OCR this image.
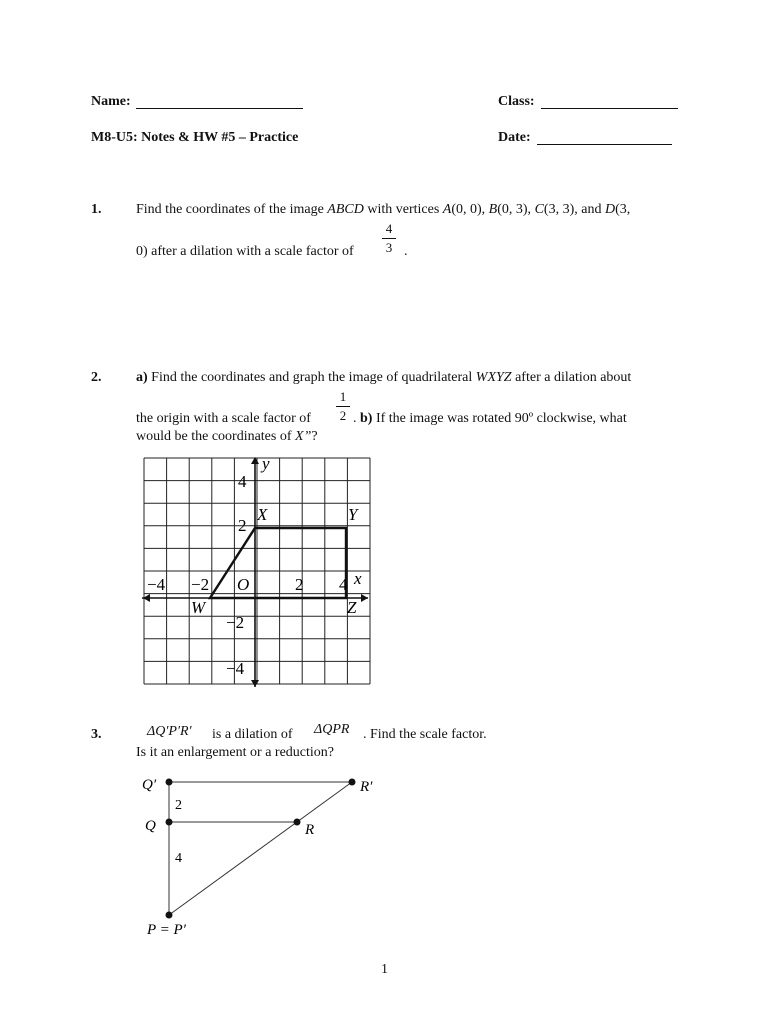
Name:	Class:
M8-U5: Notes & HW #5 – Practice	Date:
1. Find the coordinates of the image ABCD with vertices A(0, 0), B(0, 3), C(3, 3), and D(3,
0) after a dilation with a scale factor of
4
3 .
2. a) Find the coordinates and graph the image of quadrilateral WXYZ after a dilation about
the origin with a scale factor of
1
2 . b) If the image was rotated 90º clockwise, what
would be the coordinates of X”?
y
x
4
2
−2
−4
−4 −2	2 4
O
X	Y
W	Z
3.	ΔQ′P′R′ is a dilation of ΔQPR . Find the scale factor.
Is it an enlargement or a reduction?
Q′	R′
Q	R
P = P′
2
4
1
